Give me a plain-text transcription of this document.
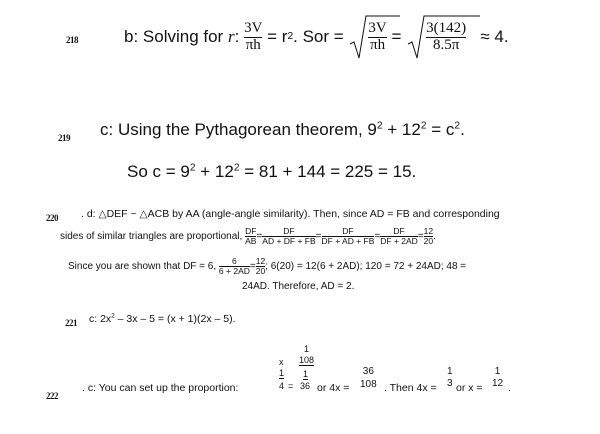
218	b: Solving for
r :
$\frac{3V}{\pi h}$
= r 2 . So r =
$\frac{3V}{\pi h}$
=
$\frac{3(142)}{8.5\pi}$
≈ 4.
219 c: Using the Pythagorean theorem, $9^2 + 12^2 = c^2$.
So $c = 9^2 + 12^2 = 81 + 144 = 225 = 15$.
220 . d: △DEF ~ △ACB by AA (angle-angle similarity). Then, since AD = FB and corresponding
sides of similar triangles are proportional,
$\frac{DF}{AB} = \frac{DF}{AD + DF + FB} = \frac{DF}{DF + AD + FB} = \frac{DF}{DF + 2AD} = \frac{12}{20}$ .
Since you are shown that DF = 6,
$\frac{6}{6 + 2AD} = \frac{12}{20}$ ; 6(20) = 12(6 + 2AD); 120 = 72 + 24AD; 48 =
24AD. Therefore, AD = 2.
221 c: $2x^2 - 3x - 5 = (x + 1)(2x - 5)$.
222
. c: You can set up the proportion:
1
108
x
1 1
4 = 36 or $4x = \frac{36}{108}$ . Then 4x =
1
3 or x =
1
12 .
